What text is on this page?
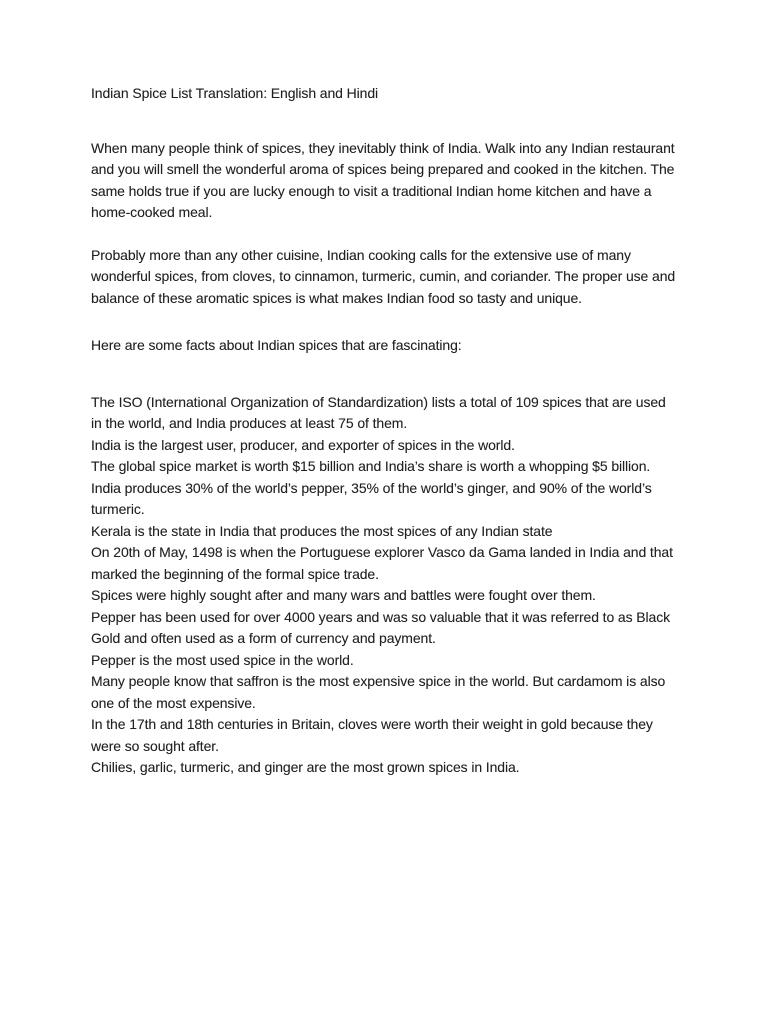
Indian Spice List Translation: English and Hindi

When many people think of spices, they inevitably think of India. Walk into any Indian restaurant and you will smell the wonderful aroma of spices being prepared and cooked in the kitchen. The same holds true if you are lucky enough to visit a traditional Indian home kitchen and have a home-cooked meal.

Probably more than any other cuisine, Indian cooking calls for the extensive use of many wonderful spices, from cloves, to cinnamon, turmeric, cumin, and coriander. The proper use and balance of these aromatic spices is what makes Indian food so tasty and unique.

Here are some facts about Indian spices that are fascinating:

The ISO (International Organization of Standardization) lists a total of 109 spices that are used in the world, and India produces at least 75 of them.

India is the largest user, producer, and exporter of spices in the world.

The global spice market is worth $15 billion and India’s share is worth a whopping $5 billion.

India produces 30% of the world’s pepper, 35% of the world’s ginger, and 90% of the world’s turmeric.

Kerala is the state in India that produces the most spices of any Indian state

On 20th of May, 1498 is when the Portuguese explorer Vasco da Gama landed in India and that marked the beginning of the formal spice trade.

Spices were highly sought after and many wars and battles were fought over them.

Pepper has been used for over 4000 years and was so valuable that it was referred to as Black Gold and often used as a form of currency and payment.

Pepper is the most used spice in the world.

Many people know that saffron is the most expensive spice in the world. But cardamom is also one of the most expensive.

In the 17th and 18th centuries in Britain, cloves were worth their weight in gold because they were so sought after.

Chilies, garlic, turmeric, and ginger are the most grown spices in India.
